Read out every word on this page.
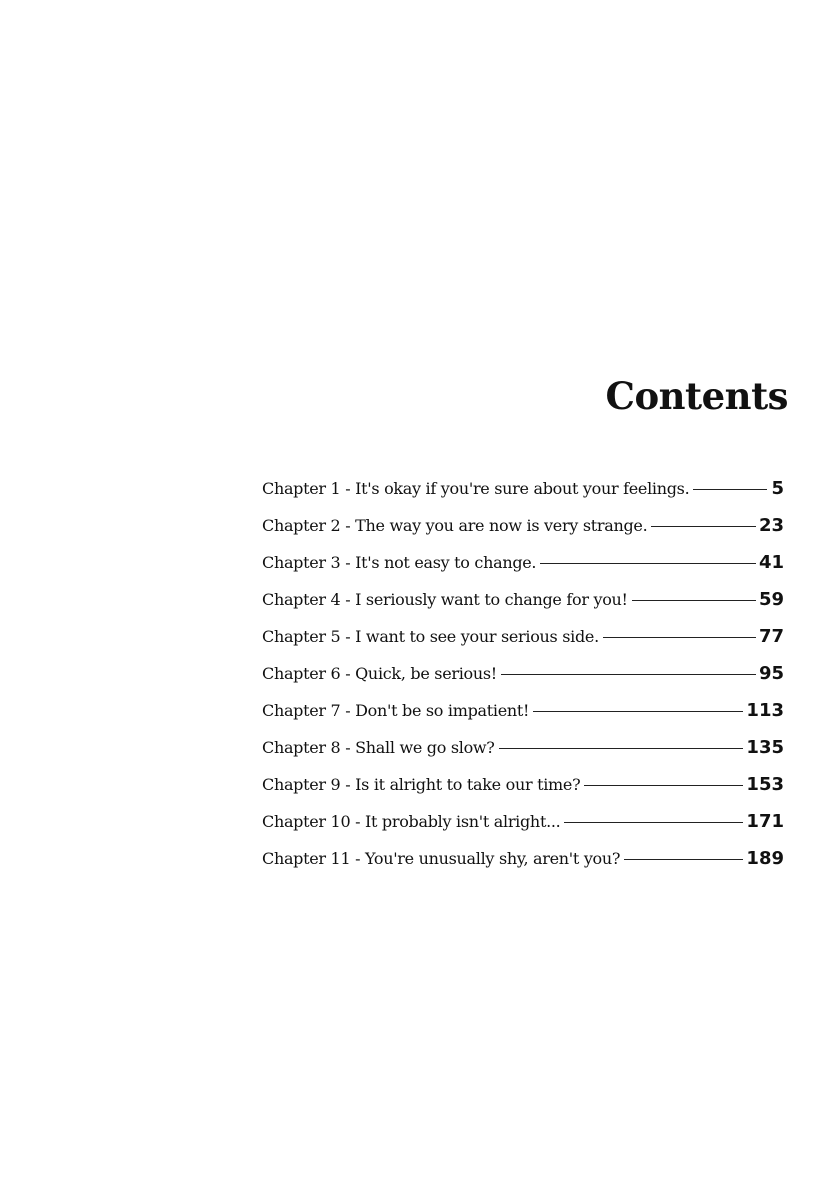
Contents
Chapter 1 - It's okay if you're sure about your feelings.	5
Chapter 2 - The way you are now is very strange.	23
Chapter 3 - It's not easy to change.	41
Chapter 4 - I seriously want to change for you!	59
Chapter 5 - I want to see your serious side.	77
Chapter 6 - Quick, be serious!	95
Chapter 7 - Don't be so impatient!	113
Chapter 8 - Shall we go slow?	135
Chapter 9 - Is it alright to take our time?	153
Chapter 10 - It probably isn't alright...	171
Chapter 11 - You're unusually shy, aren't you?	189
